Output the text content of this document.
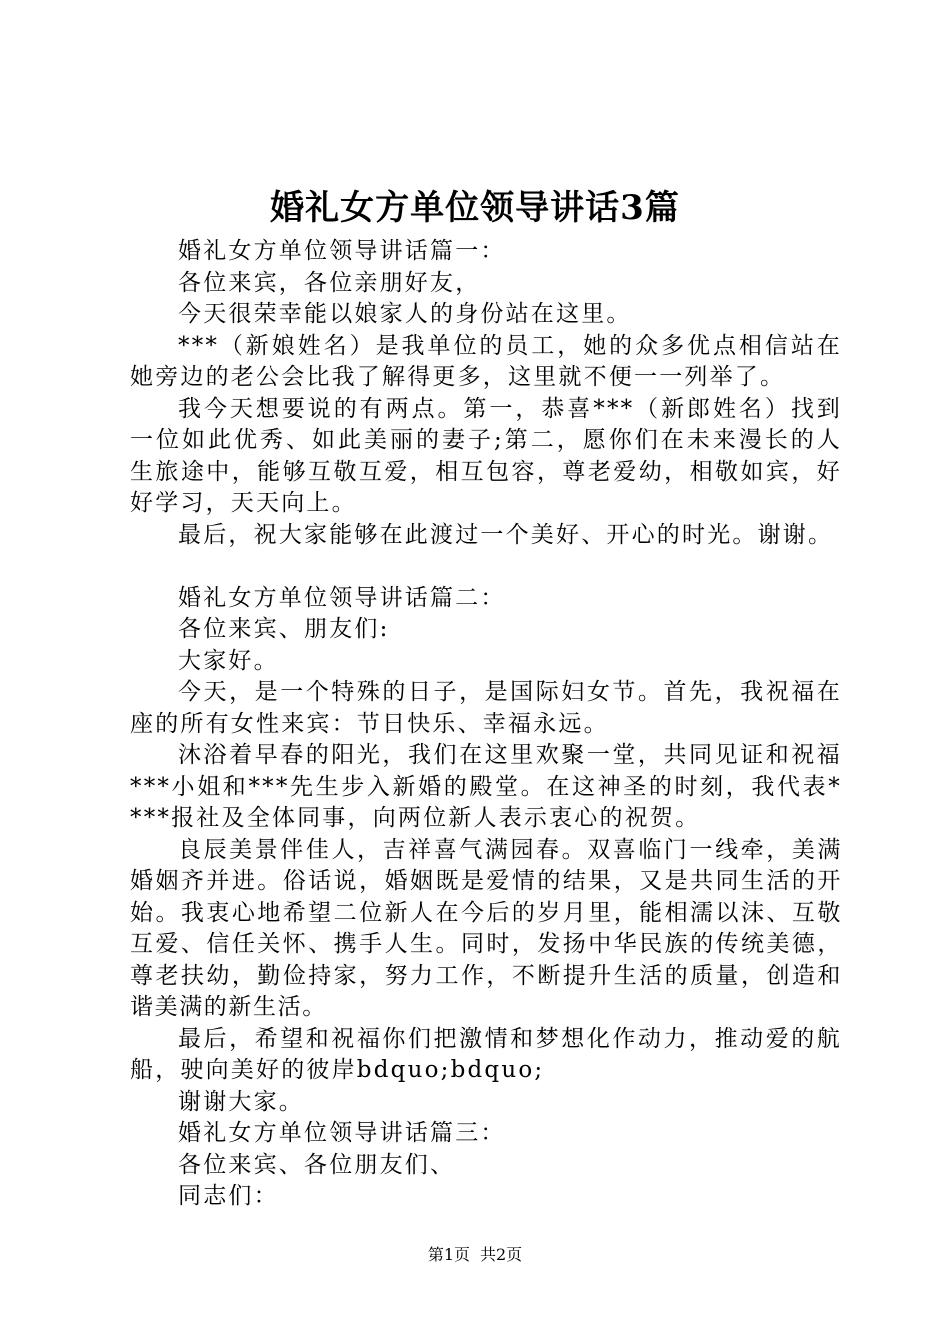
婚礼女方单位领导讲话3篇

婚礼女方单位领导讲话篇一：

各位来宾，各位亲朋好友，

今天很荣幸能以娘家人的身份站在这里。

***（新娘姓名）是我单位的员工，她的众多优点相信站在她旁边的老公会比我了解得更多，这里就不便一一列举了。

我今天想要说的有两点。第一，恭喜***（新郎姓名）找到一位如此优秀、如此美丽的妻子;第二，愿你们在未来漫长的人生旅途中，能够互敬互爱，相互包容，尊老爱幼，相敬如宾，好好学习，天天向上。

最后，祝大家能够在此渡过一个美好、开心的时光。谢谢。

婚礼女方单位领导讲话篇二：

各位来宾、朋友们:

大家好。

今天，是一个特殊的日子，是国际妇女节。首先，我祝福在座的所有女性来宾：节日快乐、幸福永远。

沐浴着早春的阳光，我们在这里欢聚一堂，共同见证和祝福***小姐和***先生步入新婚的殿堂。在这神圣的时刻，我代表****报社及全体同事，向两位新人表示衷心的祝贺。

良辰美景伴佳人，吉祥喜气满园春。双喜临门一线牵，美满婚姻齐并进。俗话说，婚姻既是爱情的结果，又是共同生活的开始。我衷心地希望二位新人在今后的岁月里，能相濡以沫、互敬互爱、信任关怀、携手人生。同时，发扬中华民族的传统美德，尊老扶幼，勤俭持家，努力工作，不断提升生活的质量，创造和谐美满的新生活。

最后，希望和祝福你们把激情和梦想化作动力，推动爱的航船，驶向美好的彼岸bdquo;bdquo;

谢谢大家。

婚礼女方单位领导讲话篇三：

各位来宾、各位朋友们、

同志们：

第1页 共2页
